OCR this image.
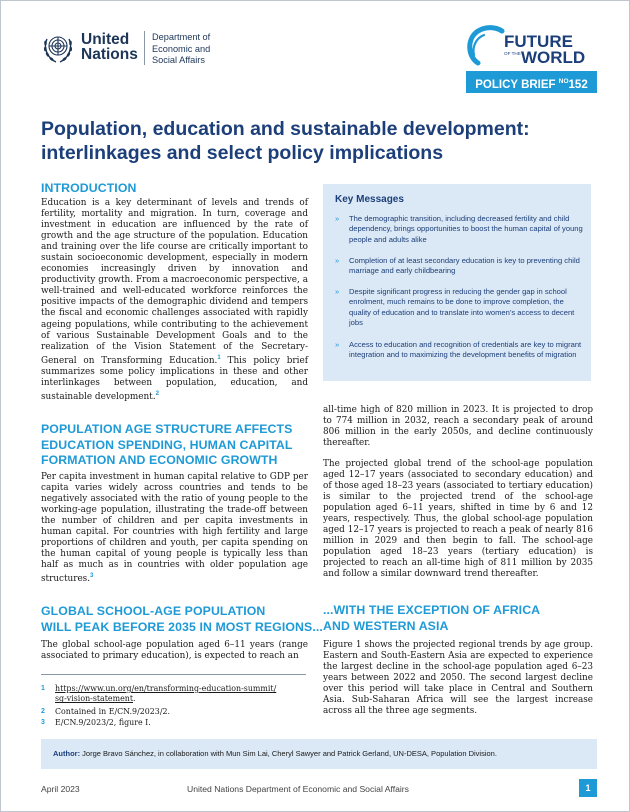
United
Nations
Department of
Economic and
Social Affairs
FUTURE
OF THE WORLD
POLICY BRIEF $^{NO}$152
Population, education and sustainable development:
interlinkages and select policy implications
INTRODUCTION
Education is a key determinant of levels and trends of fertility, mortality and migration. In turn, coverage and investment in education are influenced by the rate of growth and the age structure of the population. Education and training over the life course are critically important to sustain socioeconomic development, especially in modern economies increasingly driven by innovation and productivity growth. From a macroeconomic perspective, a well-trained and well-educated workforce reinforces the positive impacts of the demographic dividend and tempers the fiscal and economic challenges associated with rapidly ageing populations, while contributing to the achievement of various Sustainable Development Goals and to the realization of the Vision Statement of the Secretary-General on Transforming Education.$^1$ This policy brief summarizes some policy implications in these and other interlinkages between population, education, and sustainable development.$^2$
POPULATION AGE STRUCTURE AFFECTS
EDUCATION SPENDING, HUMAN CAPITAL
FORMATION AND ECONOMIC GROWTH
Per capita investment in human capital relative to GDP per capita varies widely across countries and tends to be negatively associated with the ratio of young people to the working-age population, illustrating the trade-off between the number of children and per capita investments in human capital. For countries with high fertility and large proportions of children and youth, per capita spending on the human capital of young people is typically less than half as much as in countries with older population age structures.$^3$
GLOBAL SCHOOL-AGE POPULATION
WILL PEAK BEFORE 2035 IN MOST REGIONS...
The global school-age population aged 6–11 years (range associated to primary education), is expected to reach an
1 https://www.un.org/en/transforming-education-summit/
sg-vision-statement.
2 Contained in E/CN.9/2023/2.
3 E/CN.9/2023/2, figure I.
Key Messages
» The demographic transition, including decreased fertility and child dependency, brings opportunities to boost the human capital of young people and adults alike
» Completion of at least secondary education is key to preventing child marriage and early childbearing
» Despite significant progress in reducing the gender gap in school enrolment, much remains to be done to improve completion, the quality of education and to translate into women’s access to decent jobs
» Access to education and recognition of credentials are key to migrant integration and to maximizing the development benefits of migration
all-time high of 820 million in 2023. It is projected to drop to 774 million in 2032, reach a secondary peak of around 806 million in the early 2050s, and decline continuously thereafter.
The projected global trend of the school-age population aged 12–17 years (associated to secondary education) and of those aged 18–23 years (associated to tertiary education) is similar to the projected trend of the school-age population aged 6–11 years, shifted in time by 6 and 12 years, respectively. Thus, the global school-age population aged 12–17 years is projected to reach a peak of nearly 816 million in 2029 and then begin to fall. The school-age population aged 18–23 years (tertiary education) is projected to reach an all-time high of 811 million by 2035 and follow a similar downward trend thereafter.
...WITH THE EXCEPTION OF AFRICA
AND WESTERN ASIA
Figure 1 shows the projected regional trends by age group. Eastern and South-Eastern Asia are expected to experience the largest decline in the school-age population aged 6–23 years between 2022 and 2050. The second largest decline over this period will take place in Central and Southern Asia. Sub-Saharan Africa will see the largest increase across all the three age segments.
Author: Jorge Bravo Sánchez, in collaboration with Mun Sim Lai, Cheryl Sawyer and Patrick Gerland, UN-DESA, Population Division.
April 2023	United Nations Department of Economic and Social Affairs	1
